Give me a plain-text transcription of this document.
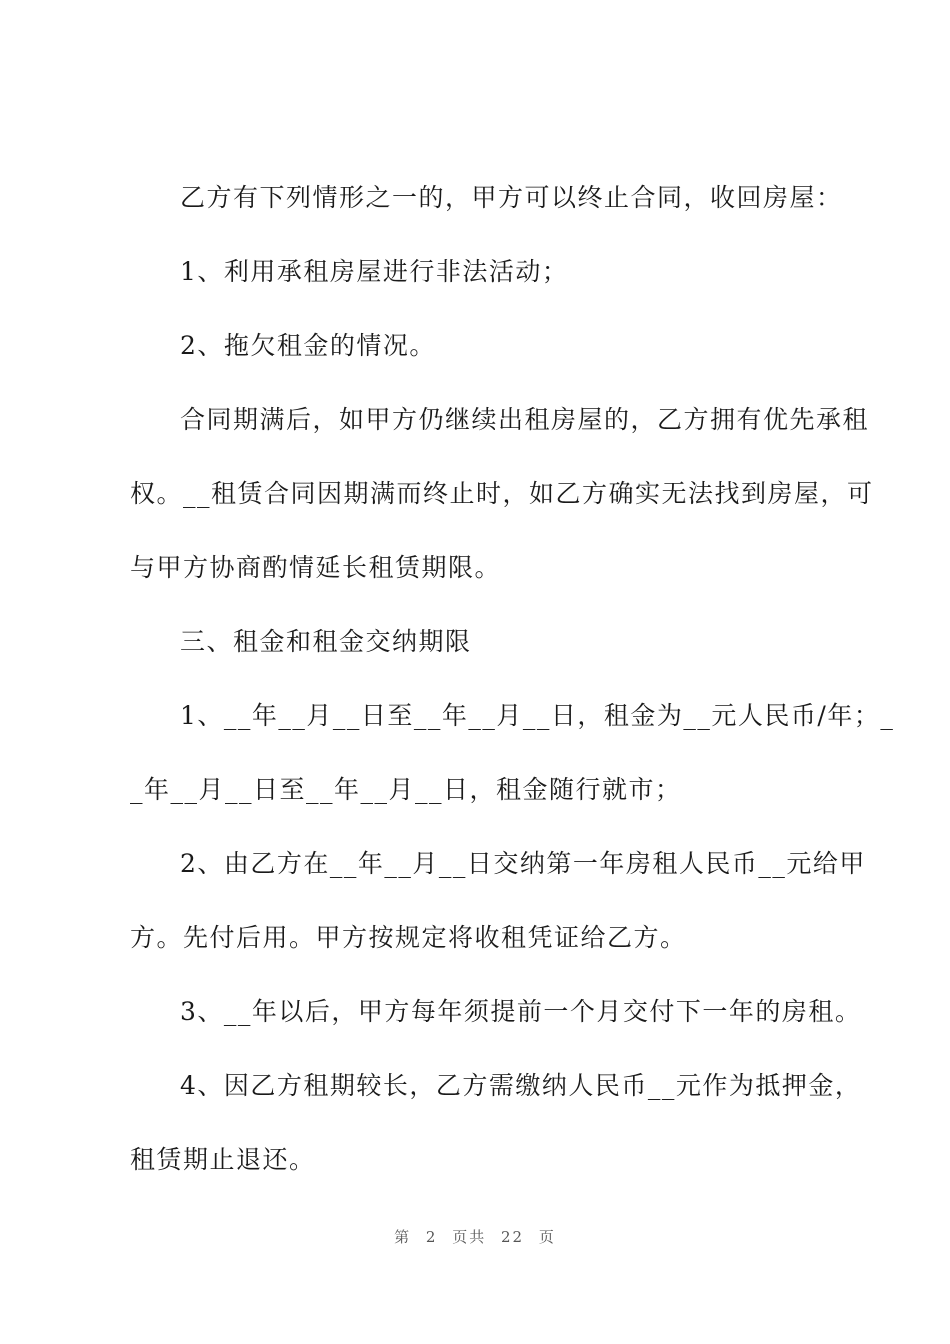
乙方有下列情形之一的，甲方可以终止合同，收回房屋：
1、利用承租房屋进行非法活动；
2、拖欠租金的情况。
合同期满后，如甲方仍继续出租房屋的，乙方拥有优先承租
权。__租赁合同因期满而终止时，如乙方确实无法找到房屋，可
与甲方协商酌情延长租赁期限。
三、租金和租金交纳期限
1、__年__月__日至__年__月__日，租金为__元人民币/年；_
_年__月__日至__年__月__日，租金随行就市；
2、由乙方在__年__月__日交纳第一年房租人民币__元给甲
方。先付后用。甲方按规定将收租凭证给乙方。
3、__年以后，甲方每年须提前一个月交付下一年的房租。
4、因乙方租期较长，乙方需缴纳人民币__元作为抵押金，
租赁期止退还。
第 2 页共 22 页
